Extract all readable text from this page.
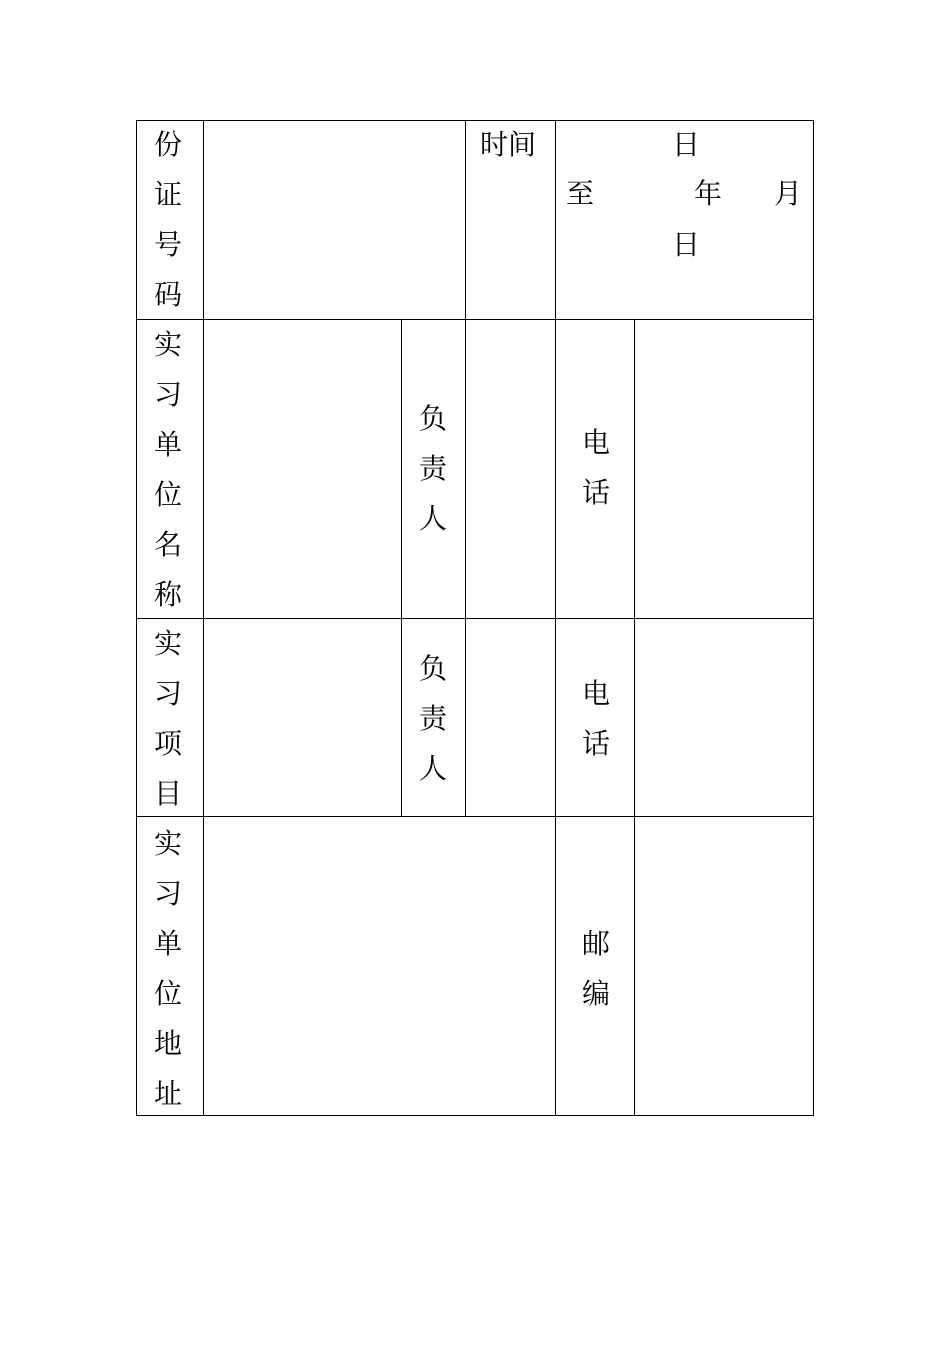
份
证
号
码
时间	日
至	年 月
日
实
习
单
位
名
称
负
责
人
电
话
实
习
项
目
负
责
人
电
话
实
习
单
位
地
址
邮
编
